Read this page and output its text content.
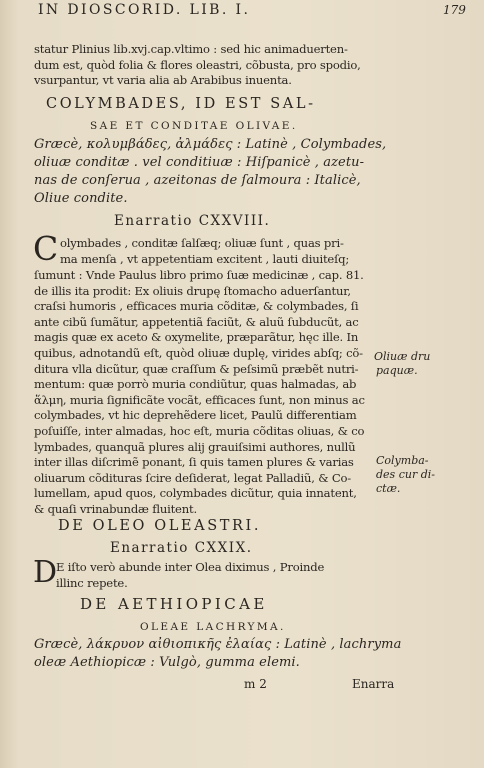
IN DIOSCORID. LIB. I.	179
statur Plinius lib.xvj.cap.vltimo : sed hic animaduerten-
dum est, quòd folia & flores oleastri, cõbusta, pro spodio,
vsurpantur, vt varia alia ab Arabibus inuenta.
COLYMBADES, ID EST SAL-
SAE ET CONDITAE OLIVAE.
Græcè, κολυμβάδες, ἀλμάδες : Latinè , Colymbades,
oliuæ conditæ . vel conditiuæ : Hiſpanicè , azetu-
nas de conſerua , azeitonas de ſalmoura : Italicè,
Oliue condite.
Enarratio CXXVIII.
C olymbades , conditæ ſalſæq; oliuæ ſunt , quas pri-
ma menſa , vt appetentiam excitent , lauti diuiteſq;
ſumunt : Vnde Paulus libro primo ſuæ medicinæ , cap. 81.
de illis ita prodit: Ex oliuis drupę ſtomacho aduerſantur,
craſsi humoris , efficaces muria cõditæ, & colymbades, ſi
ante cibũ ſumãtur, appetentiã faciũt, & aluũ ſubducũt, ac
magis quæ ex aceto & oxymelite, præparãtur, hęc ille. In
quibus, adnotandũ eſt, quòd oliuæ duplę, virides abſq; cõ-
ditura vlla dicũtur, quæ craſſum & peſsimũ præbẽt nutri-
mentum: quæ porrò muria condiũtur, quas halmadas, ab
ἅλμη, muria ſignificãte vocãt, efficaces ſunt, non minus ac
colymbades, vt hic deprehẽdere licet, Paulũ differentiam
poſuiſſe, inter almadas, hoc eſt, muria cõditas oliuas, & co
lymbades, quanquã plures alij grauiſsimi authores, nullũ
inter illas diſcrimẽ ponant, ſi quis tamen plures & varias
oliuarum cõdituras ſcire deſiderat, legat Palladiũ, & Co-
lumellam, apud quos, colymbades dicũtur, quia innatent,
& quaſi vrinabundæ fluitent.
Oliuæ dru
paquæ.
Colymba-
des cur di-
ctæ.
DE OLEO OLEASTRI.
Enarratio CXXIX.
D
E iſto verò abunde inter Olea diximus , Proinde
illinc repete.
DE AETHIOPICAE
OLEAE LACHRYMA.
Græcè, λάκρυον αἰθιοπικῆς ἐλαίας : Latinè , lachryma
oleæ Aethiopicæ : Vulgò, gumma elemi.
m 2	Enarra
